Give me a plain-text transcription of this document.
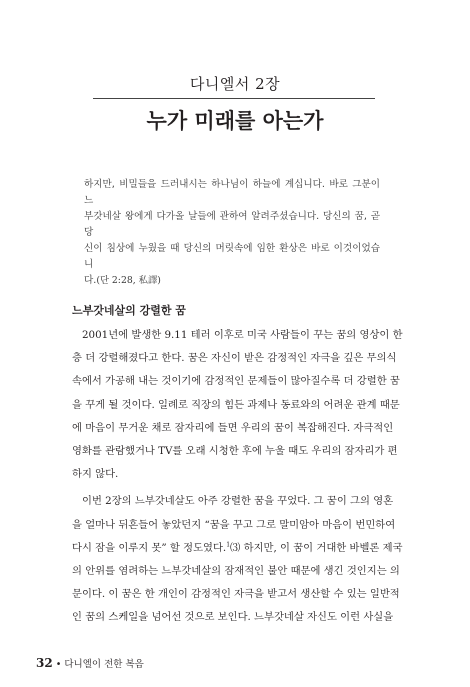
다니엘서 2장
누가 미래를 아는가
하지만, 비밀들을 드러내시는 하나님이 하늘에 계십니다. 바로 그분이 느
부갓네살 왕에게 다가올 날들에 관하여 알려주셨습니다. 당신의 꿈, 곧 당
신이 침상에 누웠을 때 당신의 머릿속에 임한 환상은 바로 이것이었습니
다.(단 2:28, 私譯)
느부갓네살의 강렬한 꿈

2001년에 발생한 9.11 테러 이후로 미국 사람들이 꾸는 꿈의 영상이 한
층 더 강렬해졌다고 한다. 꿈은 자신이 받은 감정적인 자극을 깊은 무의식
속에서 가공해 내는 것이기에 감정적인 문제들이 많아질수록 더 강렬한 꿈
을 꾸게 될 것이다. 일례로 직장의 힘든 과제나 동료와의 어려운 관계 때문
에 마음이 무거운 채로 잠자리에 들면 우리의 꿈이 복잡해진다. 자극적인
영화를 관람했거나 TV를 오래 시청한 후에 누울 때도 우리의 잠자리가 편
하지 않다.

이번 2장의 느부갓네살도 아주 강렬한 꿈을 꾸었다. 그 꿈이 그의 영혼
을 얼마나 뒤흔들어 놓았던지 “꿈을 꾸고 그로 말미암아 마음이 번민하여
다시 잠을 이루지 못” 할 정도였다.$^1$⑶ 하지만, 이 꿈이 거대한 바벨론 제국
의 안위를 염려하는 느부갓네살의 잠재적인 불안 때문에 생긴 것인지는 의
문이다. 이 꿈은 한 개인이 감정적인 자극을 받고서 생산할 수 있는 일반적
인 꿈의 스케일을 넘어선 것으로 보인다. 느부갓네살 자신도 이런 사실을

32 • 다니엘이 전한 복음
